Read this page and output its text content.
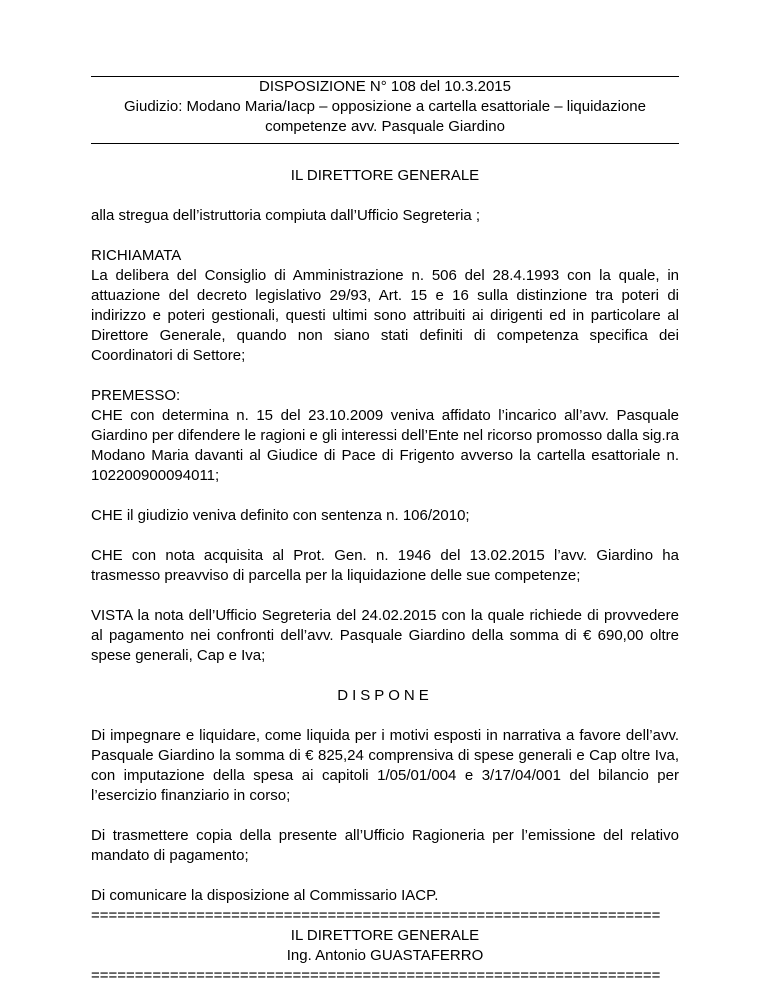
DISPOSIZIONE N° 108 del 10.3.2015

Giudizio: Modano Maria/Iacp – opposizione a cartella esattoriale – liquidazione competenze avv. Pasquale Giardino

IL DIRETTORE GENERALE

alla stregua dell’istruttoria compiuta dall’Ufficio Segreteria ;

RICHIAMATA

La delibera del Consiglio di Amministrazione n. 506 del 28.4.1993 con la quale, in attuazione del decreto legislativo 29/93, Art. 15 e 16 sulla distinzione tra poteri di indirizzo e poteri gestionali, questi ultimi sono attribuiti ai dirigenti ed in particolare al Direttore Generale, quando non siano stati definiti di competenza specifica dei Coordinatori di Settore;

PREMESSO:

CHE con determina n. 15 del 23.10.2009 veniva affidato l’incarico all’avv. Pasquale Giardino per difendere le ragioni e gli interessi dell’Ente nel ricorso promosso dalla sig.ra Modano Maria davanti al Giudice di Pace di Frigento avverso la cartella esattoriale n. 102200900094011;

CHE il giudizio veniva definito con sentenza n. 106/2010;

CHE con nota acquisita al Prot. Gen. n. 1946 del 13.02.2015 l’avv. Giardino ha trasmesso preavviso di parcella per la liquidazione delle sue competenze;

VISTA la nota dell’Ufficio Segreteria del 24.02.2015 con la quale richiede di provvedere al pagamento nei confronti dell’avv. Pasquale Giardino della somma di € 690,00 oltre spese generali, Cap e Iva;

DISPONE

Di impegnare e liquidare, come liquida per i motivi esposti in narrativa a favore dell’avv. Pasquale Giardino la somma di € 825,24 comprensiva di spese generali e Cap oltre Iva, con imputazione della spesa ai capitoli 1/05/01/004 e 3/17/04/001 del bilancio per l’esercizio finanziario in corso;

Di trasmettere copia della presente all’Ufficio Ragioneria per l’emissione del relativo mandato di pagamento;

Di comunicare la disposizione al Commissario IACP.

=================================================================

IL DIRETTORE GENERALE

Ing. Antonio GUASTAFERRO

=================================================================
